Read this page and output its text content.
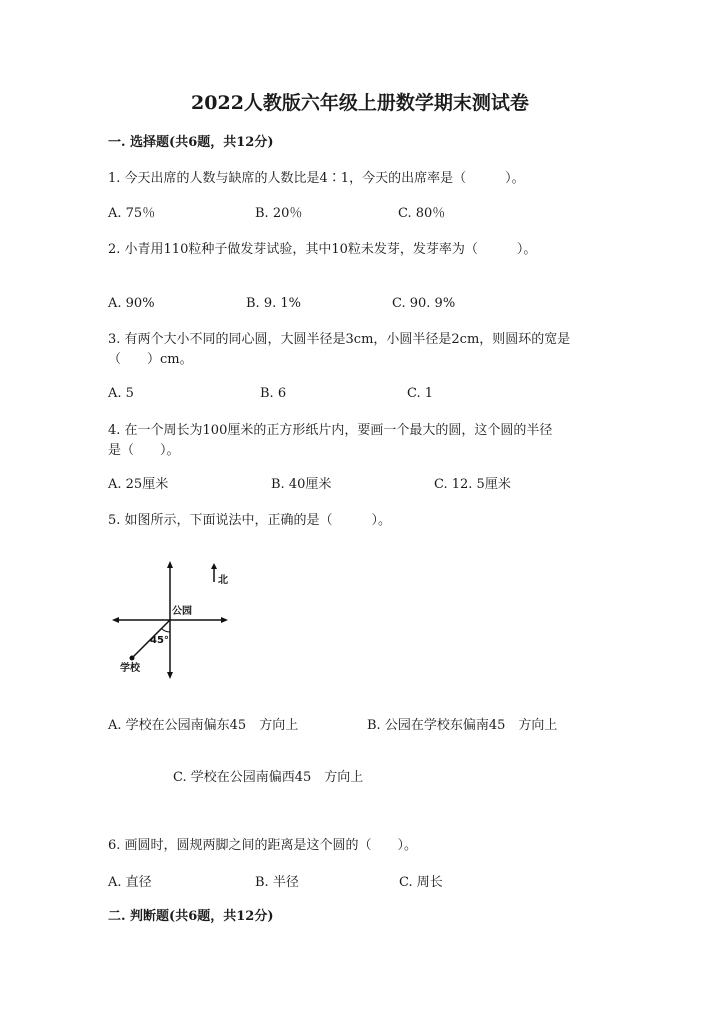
2022人教版六年级上册数学期末测试卷
一. 选择题(共6题，共12分)
1. 今天出席的人数与缺席的人数比是4∶1，今天的出席率是（　　　）。
A. 75％	B. 20％	C. 80％
2. 小青用110粒种子做发芽试验，其中10粒未发芽，发芽率为（　　　）。
A. 90%	B. 9. 1%	C. 90. 9%
3. 有两个大小不同的同心圆，大圆半径是3cm，小圆半径是2cm，则圆环的宽是
（　　）cm。
A. 5	B. 6	C. 1
4. 在一个周长为100厘米的正方形纸片内，要画一个最大的圆，这个圆的半径
是（　　）。
A. 25厘米	B. 40厘米	C. 12. 5厘米
5. 如图所示，下面说法中，正确的是（　　　）。
北
公园
45°
学校
A. 学校在公园南偏东45　方向上	B. 公园在学校东偏南45　方向上
C. 学校在公园南偏西45　方向上
6. 画圆时，圆规两脚之间的距离是这个圆的（　　）。
A. 直径	B. 半径	C. 周长
二. 判断题(共6题，共12分)
